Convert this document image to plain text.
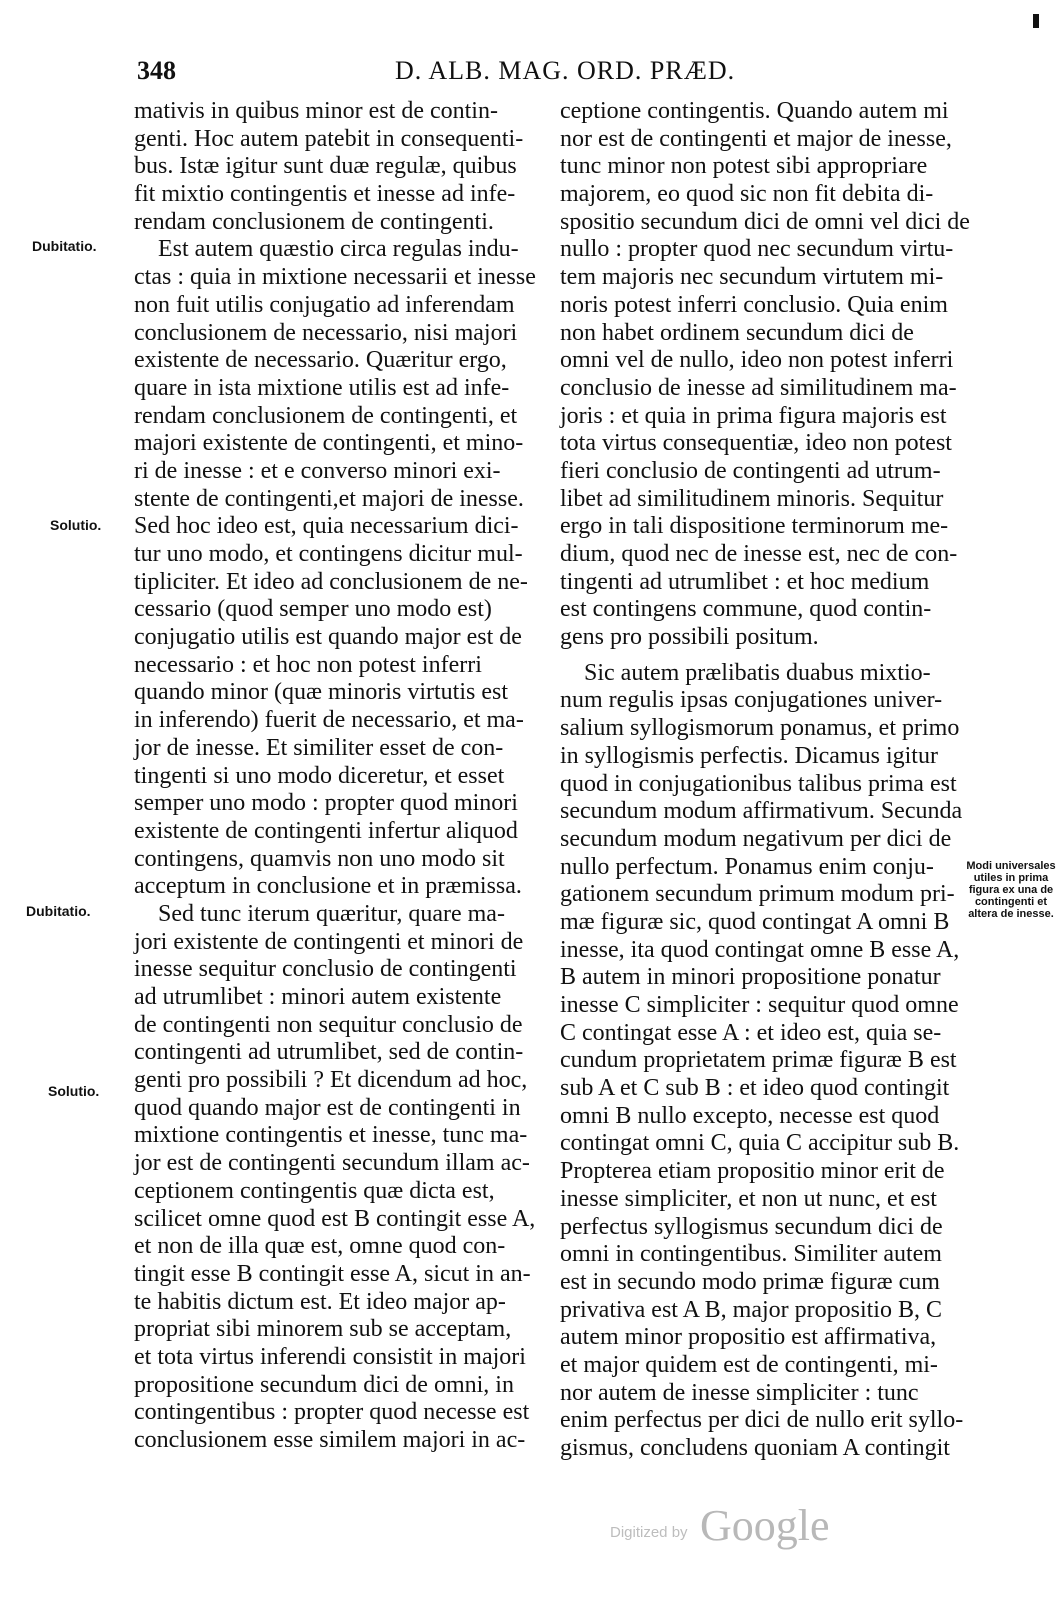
348	D. ALB. MAG. ORD. PRÆD.
Dubitatio.
Solutio.
Dubitatio.
Solutio.
Modi universales utiles in prima figura ex una de contingenti et altera de inesse.
mativis in quibus minor est de contin-
genti. Hoc autem patebit in consequenti-
bus. Istæ igitur sunt duæ regulæ, quibus
fit mixtio contingentis et inesse ad infe-
rendam conclusionem de contingenti.
Est autem quæstio circa regulas indu-
ctas : quia in mixtione necessarii et inesse
non fuit utilis conjugatio ad inferendam
conclusionem de necessario, nisi majori
existente de necessario. Quæritur ergo,
quare in ista mixtione utilis est ad infe-
rendam conclusionem de contingenti, et
majori existente de contingenti, et mino-
ri de inesse : et e converso minori exi-
stente de contingenti,et majori de inesse.
Sed hoc ideo est, quia necessarium dici-
tur uno modo, et contingens dicitur mul-
tipliciter. Et ideo ad conclusionem de ne-
cessario (quod semper uno modo est)
conjugatio utilis est quando major est de
necessario : et hoc non potest inferri
quando minor (quæ minoris virtutis est
in inferendo) fuerit de necessario, et ma-
jor de inesse. Et similiter esset de con-
tingenti si uno modo diceretur, et esset
semper uno modo : propter quod minori
existente de contingenti infertur aliquod
contingens, quamvis non uno modo sit
acceptum in conclusione et in præmissa.
Sed tunc iterum quæritur, quare ma-
jori existente de contingenti et minori de
inesse sequitur conclusio de contingenti
ad utrumlibet : minori autem existente
de contingenti non sequitur conclusio de
contingenti ad utrumlibet, sed de contin-
genti pro possibili ? Et dicendum ad hoc,
quod quando major est de contingenti in
mixtione contingentis et inesse, tunc ma-
jor est de contingenti secundum illam ac-
ceptionem contingentis quæ dicta est,
scilicet omne quod est B contingit esse A,
et non de illa quæ est, omne quod con-
tingit esse B contingit esse A, sicut in an-
te habitis dictum est. Et ideo major ap-
propriat sibi minorem sub se acceptam,
et tota virtus inferendi consistit in majori
propositione secundum dici de omni, in
contingentibus : propter quod necesse est
conclusionem esse similem majori in ac-
ceptione contingentis. Quando autem mi
nor est de contingenti et major de inesse,
tunc minor non potest sibi appropriare
majorem, eo quod sic non fit debita di-
spositio secundum dici de omni vel dici de
nullo : propter quod nec secundum virtu-
tem majoris nec secundum virtutem mi-
noris potest inferri conclusio. Quia enim
non habet ordinem secundum dici de
omni vel de nullo, ideo non potest inferri
conclusio de inesse ad similitudinem ma-
joris : et quia in prima figura majoris est
tota virtus consequentiæ, ideo non potest
fieri conclusio de contingenti ad utrum-
libet ad similitudinem minoris. Sequitur
ergo in tali dispositione terminorum me-
dium, quod nec de inesse est, nec de con-
tingenti ad utrumlibet : et hoc medium
est contingens commune, quod contin-
gens pro possibili positum.
Sic autem prælibatis duabus mixtio-
num regulis ipsas conjugationes univer-
salium syllogismorum ponamus, et primo
in syllogismis perfectis. Dicamus igitur
quod in conjugationibus talibus prima est
secundum modum affirmativum. Secunda
secundum modum negativum per dici de
nullo perfectum. Ponamus enim conju-
gationem secundum primum modum pri-
mæ figuræ sic, quod contingat A omni B
inesse, ita quod contingat omne B esse A,
B autem in minori propositione ponatur
inesse C simpliciter : sequitur quod omne
C contingat esse A : et ideo est, quia se-
cundum proprietatem primæ figuræ B est
sub A et C sub B : et ideo quod contingit
omni B nullo excepto, necesse est quod
contingat omni C, quia C accipitur sub B.
Propterea etiam propositio minor erit de
inesse simpliciter, et non ut nunc, et est
perfectus syllogismus secundum dici de
omni in contingentibus. Similiter autem
est in secundo modo primæ figuræ cum
privativa est A B, major propositio B, C
autem minor propositio est affirmativa,
et major quidem est de contingenti, mi-
nor autem de inesse simpliciter : tunc
enim perfectus per dici de nullo erit syllo-
gismus, concludens quoniam A contingit
Digitized by Google
